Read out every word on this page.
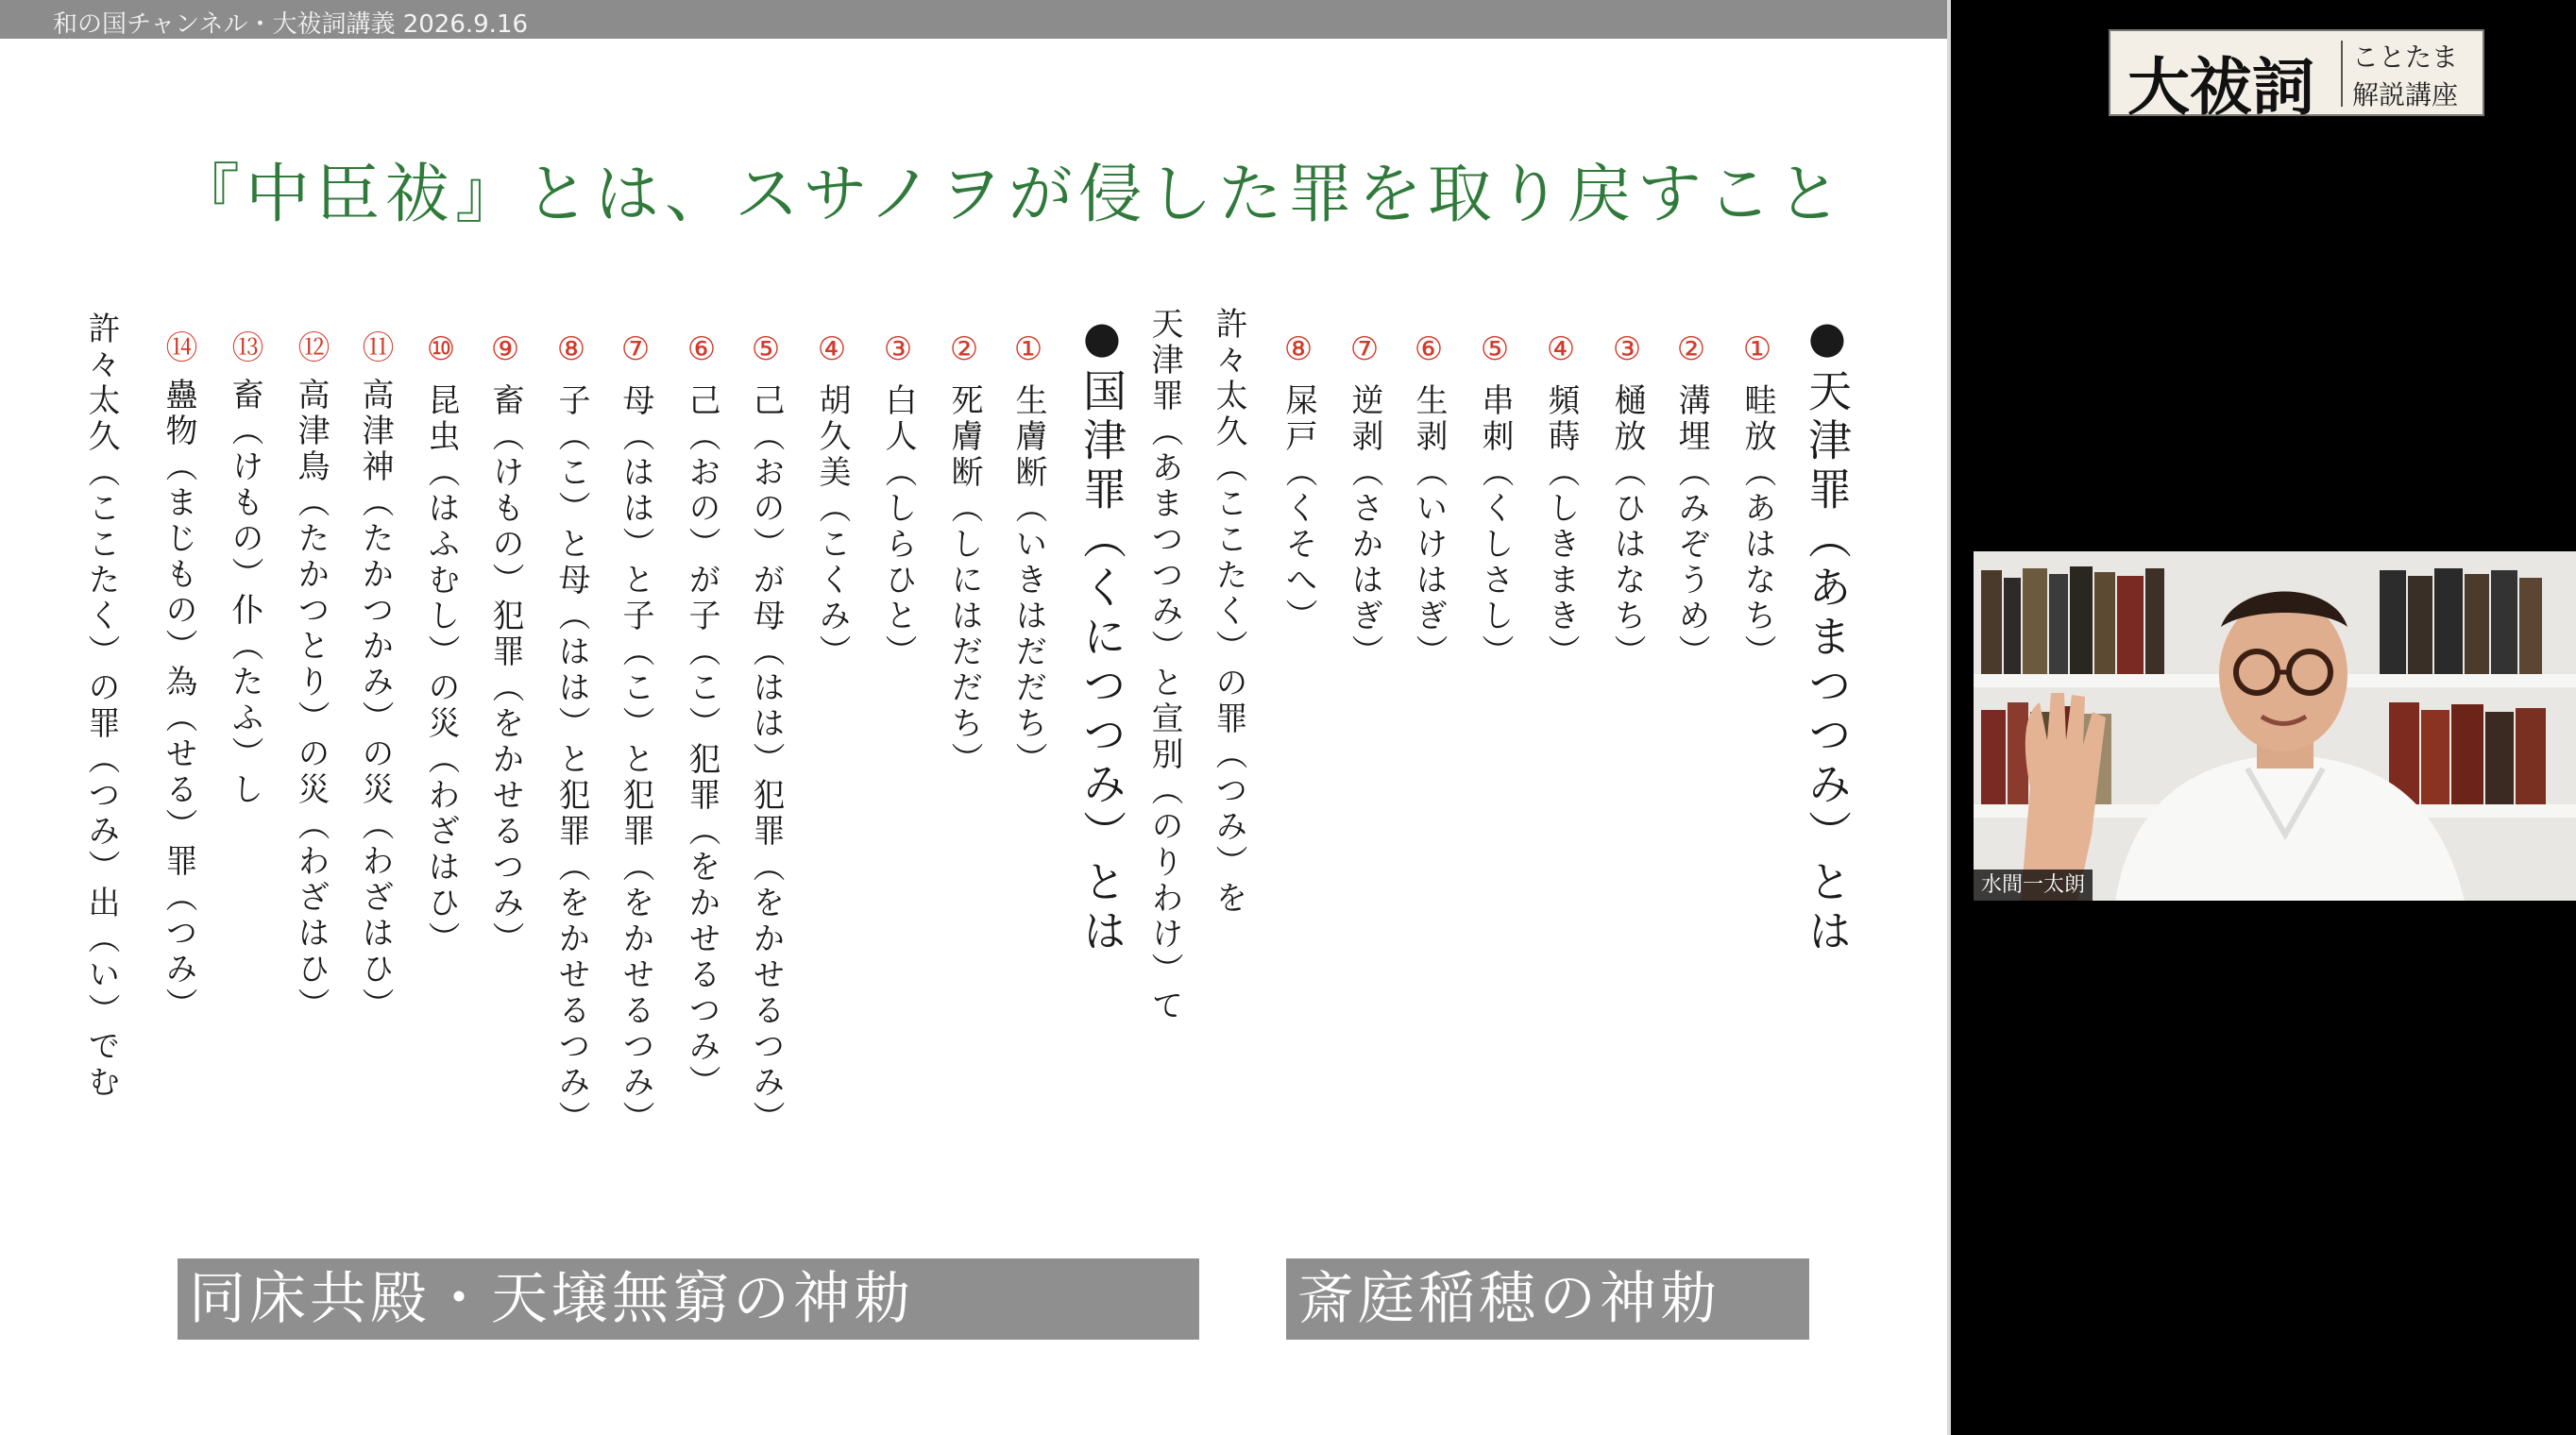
和の国チャンネル・大祓詞講義 2026.9.16
『中臣祓』とは、スサノヲが侵した罪を取り戻すこと
●天津罪（あまつつみ）とは
①畦放（あはなち）
②溝埋（みぞうめ）
③樋放（ひはなち）
④頻蒔（しきまき）
⑤串刺（くしさし）
⑥生剥（いけはぎ）
⑦逆剥（さかはぎ）
⑧屎戸（くそへ）
許々太久（ここたく）の罪（つみ）を
天津罪（あまつつみ）と宣別（のりわけ）て
●国津罪（くにつつみ）とは
①生膚断（いきはだだち）
②死膚断（しにはだだち）
③白人（しらひと）
④胡久美（こくみ）
⑤己（おの）が母（はは）犯罪（をかせるつみ）
⑥己（おの）が子（こ）犯罪（をかせるつみ）
⑦母（はは）と子（こ）と犯罪（をかせるつみ）
⑧子（こ）と母（はは）と犯罪（をかせるつみ）
⑨畜（けもの）犯罪（をかせるつみ）
⑩昆虫（はふむし）の災（わざはひ）
⑪高津神（たかつかみ）の災（わざはひ）
⑫高津鳥（たかつとり）の災（わざはひ）
⑬畜（けもの）仆（たふ）し
⑭蠱物（まじもの）為（せる）罪（つみ）
許々太久（ここたく）の罪（つみ）出（い）でむ
同床共殿・天壌無窮の神勅	斎庭稲穂の神勅
大祓詞 ことたま
解説講座
水間一太朗
